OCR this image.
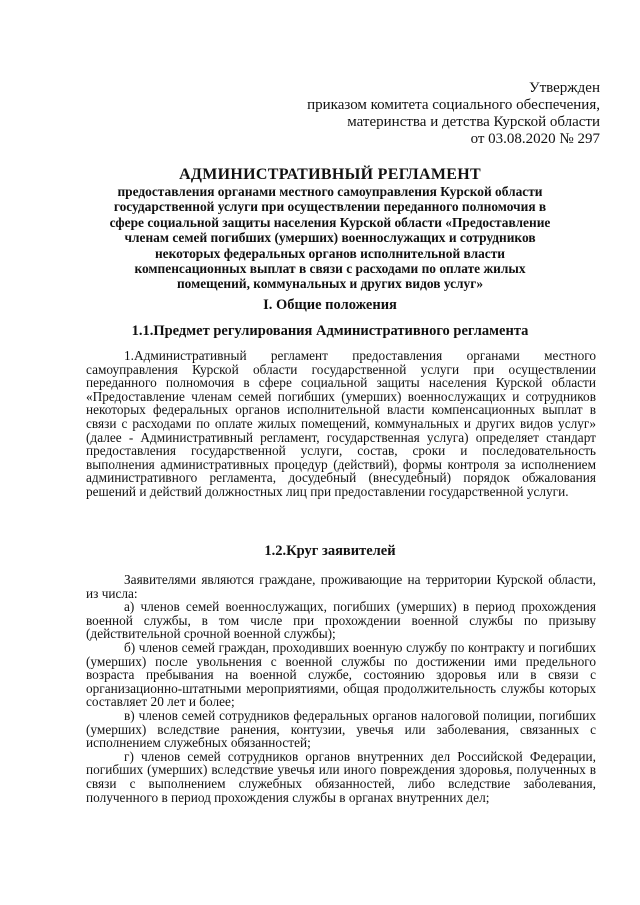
Утвержден
приказом комитета социального обеспечения,
материнства и детства Курской области
от 03.08.2020 № 297
АДМИНИСТРАТИВНЫЙ РЕГЛАМЕНТ
предоставления органами местного самоуправления Курской области
государственной услуги при осуществлении переданного полномочия в
сфере социальной защиты населения Курской области «Предоставление
членам семей погибших (умерших) военнослужащих и сотрудников
некоторых федеральных органов исполнительной власти
компенсационных выплат в связи с расходами по оплате жилых
помещений, коммунальных и других видов услуг»
I. Общие положения
1.1.Предмет регулирования Административного регламента

1.Административный регламент предоставления органами местного самоуправления Курской области государственной услуги при осуществлении переданного полномочия в сфере социальной защиты населения Курской области «Предоставление членам семей погибших (умерших) военнослужащих и сотрудников некоторых федеральных органов исполнительной власти компенсационных выплат в связи с расходами по оплате жилых помещений, коммунальных и других видов услуг» (далее - Административный регламент, государственная услуга) определяет стандарт предоставления государственной услуги, состав, сроки и последовательность выполнения административных процедур (действий), формы контроля за исполнением административного регламента, досудебный (внесудебный) порядок обжалования решений и действий должностных лиц при предоставлении государственной услуги.

1.2.Круг заявителей

Заявителями являются граждане, проживающие на территории Курской области, из числа:

а) членов семей военнослужащих, погибших (умерших) в период прохождения военной службы, в том числе при прохождении военной службы по призыву (действительной срочной военной службы);

б) членов семей граждан, проходивших военную службу по контракту и погибших (умерших) после увольнения с военной службы по достижении ими предельного возраста пребывания на военной службе, состоянию здоровья или в связи с организационно-штатными мероприятиями, общая продолжительность службы которых составляет 20 лет и более;

в) членов семей сотрудников федеральных органов налоговой полиции, погибших (умерших) вследствие ранения, контузии, увечья или заболевания, связанных с исполнением служебных обязанностей;

г) членов семей сотрудников органов внутренних дел Российской Федерации, погибших (умерших) вследствие увечья или иного повреждения здоровья, полученных в связи с выполнением служебных обязанностей, либо вследствие заболевания, полученного в период прохождения службы в органах внутренних дел;
